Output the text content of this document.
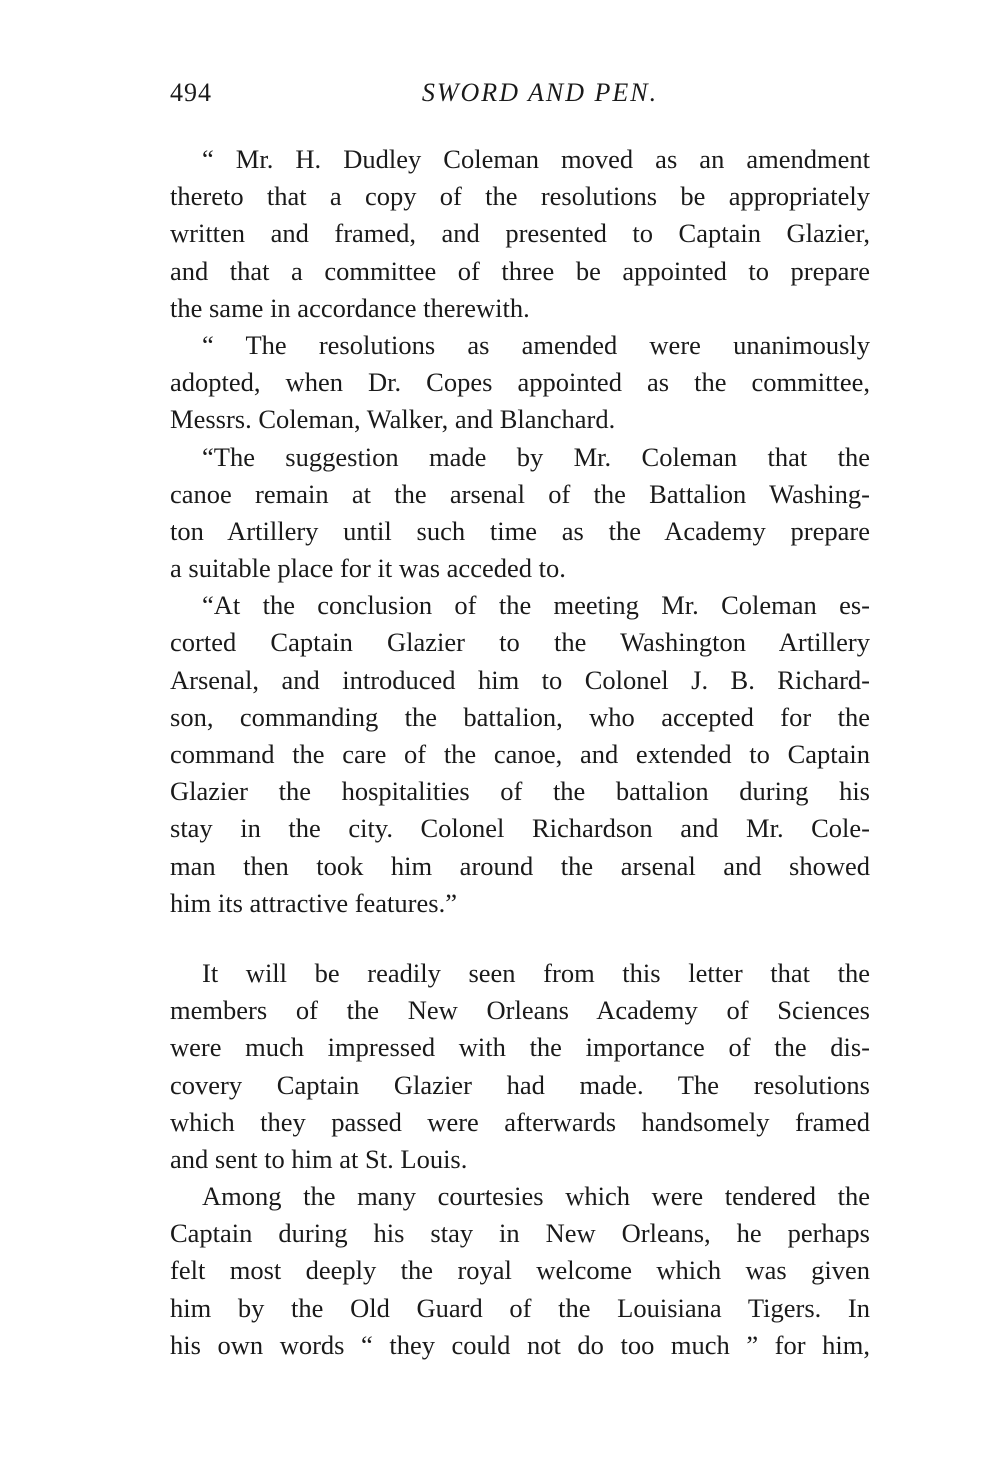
494	SWORD AND PEN.
“ Mr. H. Dudley Coleman moved as an amendment
thereto that a copy of the resolutions be appropriately
written and framed, and presented to Captain Glazier,
and that a committee of three be appointed to prepare
the same in accordance therewith.
“ The resolutions as amended were unanimously
adopted, when Dr. Copes appointed as the committee,
Messrs. Coleman, Walker, and Blanchard.
“The suggestion made by Mr. Coleman that the
canoe remain at the arsenal of the Battalion Washing-
ton Artillery until such time as the Academy prepare
a suitable place for it was acceded to.
“At the conclusion of the meeting Mr. Coleman es-
corted Captain Glazier to the Washington Artillery
Arsenal, and introduced him to Colonel J. B. Richard-
son, commanding the battalion, who accepted for the
command the care of the canoe, and extended to Captain
Glazier the hospitalities of the battalion during his
stay in the city. Colonel Richardson and Mr. Cole-
man then took him around the arsenal and showed
him its attractive features.”
It will be readily seen from this letter that the
members of the New Orleans Academy of Sciences
were much impressed with the importance of the dis-
covery Captain Glazier had made. The resolutions
which they passed were afterwards handsomely framed
and sent to him at St. Louis.
Among the many courtesies which were tendered the
Captain during his stay in New Orleans, he perhaps
felt most deeply the royal welcome which was given
him by the Old Guard of the Louisiana Tigers. In
his own words “ they could not do too much ” for him,
